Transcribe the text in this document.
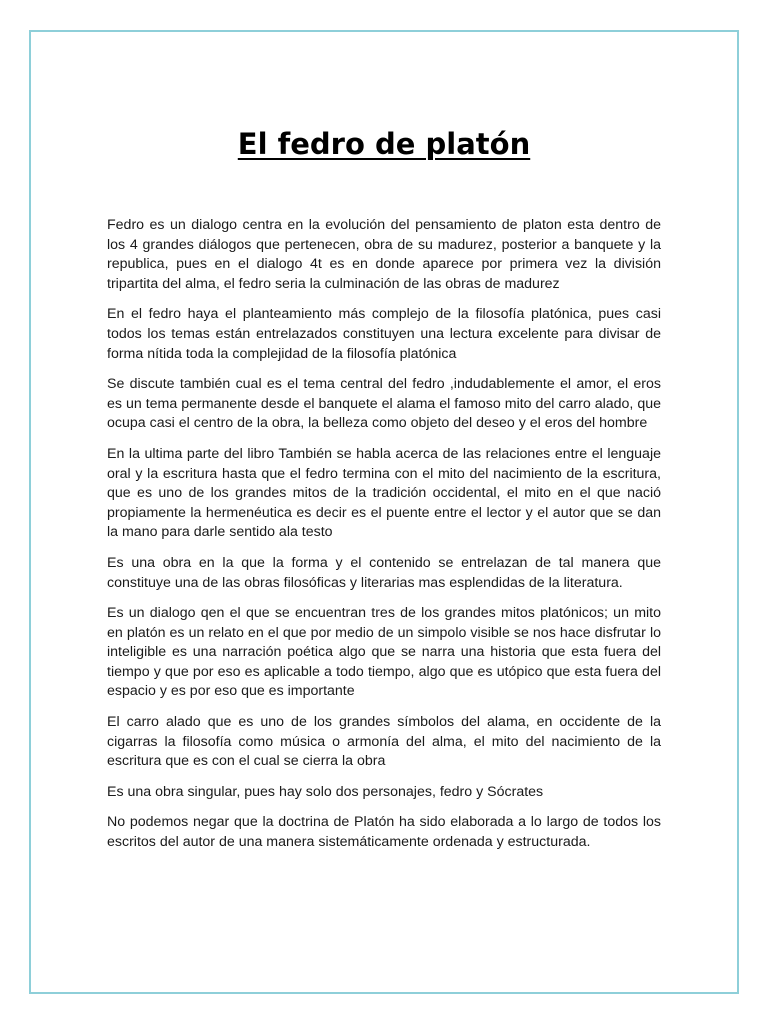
El fedro de platón

Fedro es un dialogo centra en la evolución del pensamiento de platon esta dentro de los 4 grandes diálogos que pertenecen, obra de su madurez, posterior a banquete y la republica, pues en el dialogo 4t es en donde aparece por primera vez la división tripartita del alma, el fedro seria la culminación de las obras de madurez

En el fedro haya el planteamiento más complejo de la filosofía platónica, pues casi todos los temas están entrelazados constituyen una lectura excelente para divisar de forma nítida toda la complejidad de la filosofía platónica

Se discute también cual es el tema central del fedro ,indudablemente el amor, el eros es un tema permanente desde el banquete el alama el famoso mito del carro alado, que ocupa casi el centro de la obra, la belleza como objeto del deseo y el eros del hombre

En la ultima parte del libro También se habla acerca de las relaciones entre el lenguaje oral y la escritura hasta que el fedro termina con el mito del nacimiento de la escritura, que es uno de los grandes mitos de la tradición occidental, el mito en el que nació propiamente la hermenéutica es decir es el puente entre el lector y el autor que se dan la mano para darle sentido ala testo

Es una obra en la que la forma y el contenido se entrelazan de tal manera que constituye una de las obras filosóficas y literarias mas esplendidas de la literatura.

Es un dialogo qen el que se encuentran tres de los grandes mitos platónicos; un mito en platón es un relato en el que por medio de un simpolo visible se nos hace disfrutar lo inteligible es una narración poética algo que se narra una historia que esta fuera del tiempo y que por eso es aplicable a todo tiempo, algo que es utópico que esta fuera del espacio y es por eso que es importante

El carro alado que es uno de los grandes símbolos del alama, en occidente de la cigarras la filosofía como música o armonía del alma, el mito del nacimiento de la escritura que es con el cual se cierra la obra

Es una obra singular, pues hay solo dos personajes, fedro y Sócrates

No podemos negar que la doctrina de Platón ha sido elaborada a lo largo de todos los escritos del autor de una manera sistemáticamente ordenada y estructurada.
